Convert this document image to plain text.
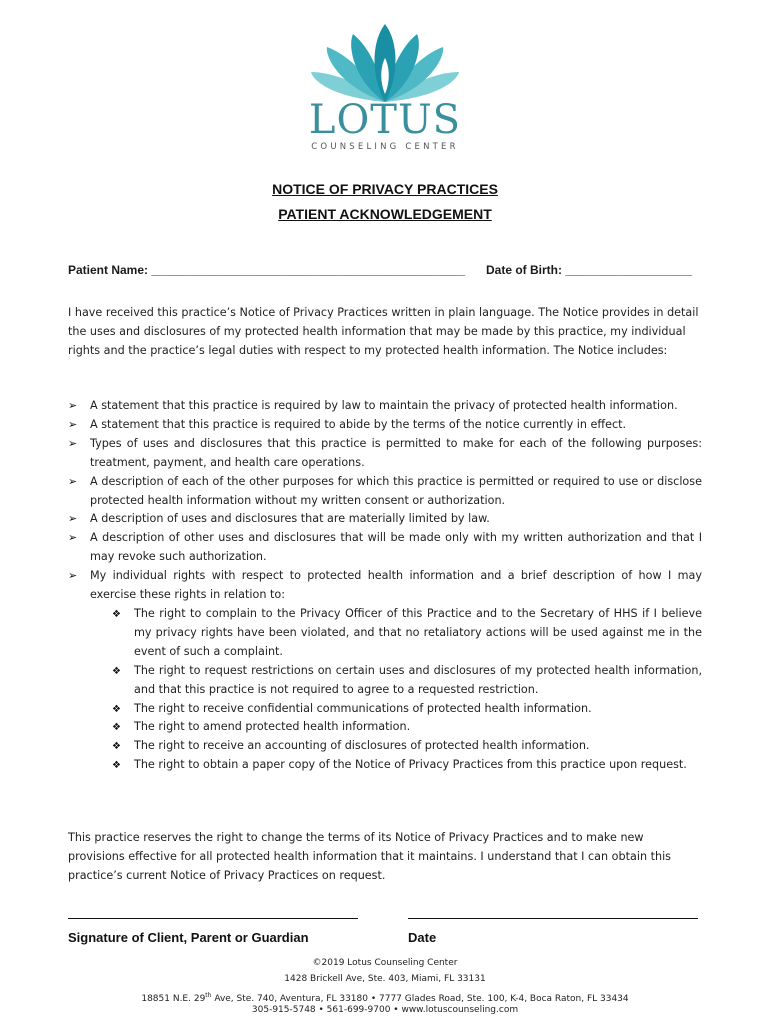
LOTUS
COUNSELING CENTER
NOTICE OF PRIVACY PRACTICES
PATIENT ACKNOWLEDGEMENT
Patient Name: _______________________________________________ Date of Birth: ___________________
I have received this practice’s Notice of Privacy Practices written in plain language. The Notice provides in detail the uses and disclosures of my protected health information that may be made by this practice, my individual rights and the practice’s legal duties with respect to my protected health information. The Notice includes:
➢ A statement that this practice is required by law to maintain the privacy of protected health information.
➢ A statement that this practice is required to abide by the terms of the notice currently in effect.
➢ Types of uses and disclosures that this practice is permitted to make for each of the following purposes: treatment, payment, and health care operations.
➢ A description of each of the other purposes for which this practice is permitted or required to use or disclose protected health information without my written consent or authorization.
➢ A description of uses and disclosures that are materially limited by law.
➢ A description of other uses and disclosures that will be made only with my written authorization and that I may revoke such authorization.
➢ My individual rights with respect to protected health information and a brief description of how I may exercise these rights in relation to:
❖ The right to complain to the Privacy Officer of this Practice and to the Secretary of HHS if I believe my privacy rights have been violated, and that no retaliatory actions will be used against me in the event of such a complaint.
❖ The right to request restrictions on certain uses and disclosures of my protected health information, and that this practice is not required to agree to a requested restriction.
❖ The right to receive confidential communications of protected health information.
❖ The right to amend protected health information.
❖ The right to receive an accounting of disclosures of protected health information.
❖ The right to obtain a paper copy of the Notice of Privacy Practices from this practice upon request.
This practice reserves the right to change the terms of its Notice of Privacy Practices and to make new provisions effective for all protected health information that it maintains. I understand that I can obtain this practice’s current Notice of Privacy Practices on request.
Signature of Client, Parent or Guardian	Date
©2019 Lotus Counseling Center
1428 Brickell Ave, Ste. 403, Miami, FL 33131
18851 N.E. 29th Ave, Ste. 740, Aventura, FL 33180 • 7777 Glades Road, Ste. 100, K-4, Boca Raton, FL 33434
305-915-5748 • 561-699-9700 • www.lotuscounseling.com
